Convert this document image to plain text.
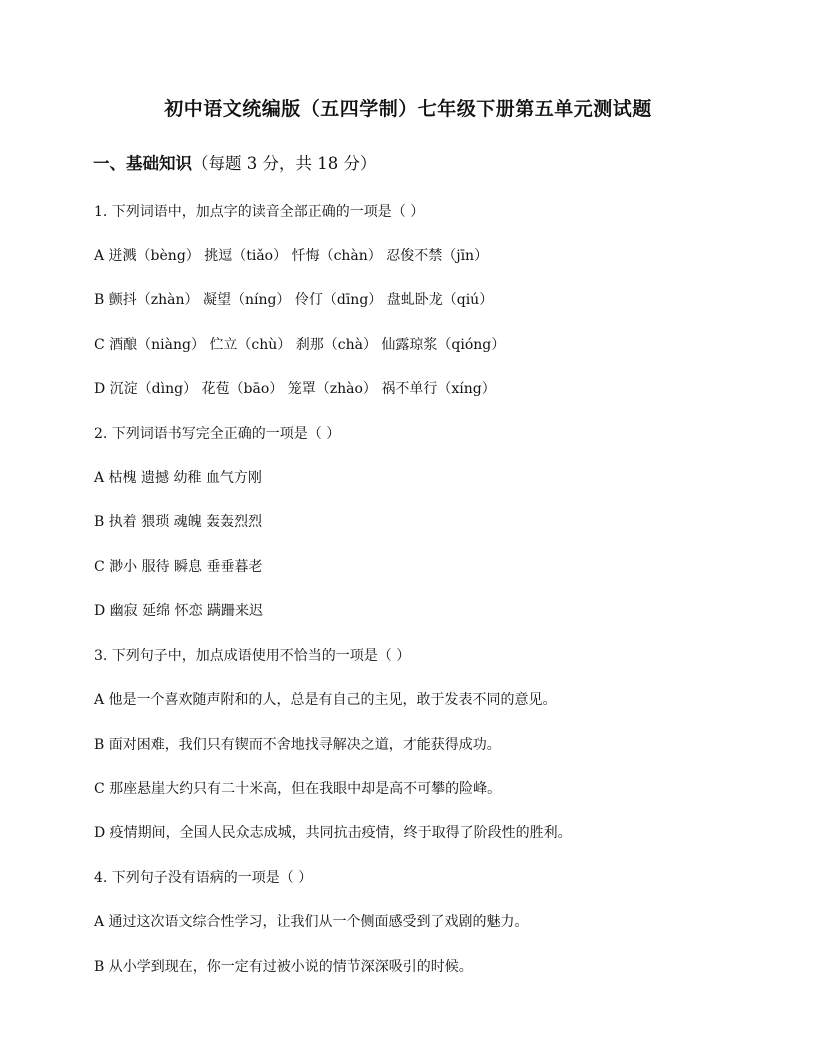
初中语文统编版（五四学制）七年级下册第五单元测试题
一、基础知识（每题 3 分，共 18 分）
1. 下列词语中，加点字的读音全部正确的一项是（ ）
A 迸溅（bèng） 挑逗（tiǎo） 忏悔（chàn） 忍俊不禁（jīn）
B 颤抖（zhàn） 凝望（níng） 伶仃（dīng） 盘虬卧龙（qiú）
C 酒酿（niàng） 伫立（chù） 刹那（chà） 仙露琼浆（qióng）
D 沉淀（dìng） 花苞（bāo） 笼罩（zhào） 祸不单行（xíng）
2. 下列词语书写完全正确的一项是（ ）
A 枯槐 遗撼 幼稚 血气方刚
B 执着 猥琐 魂魄 轰轰烈烈
C 渺小 服待 瞬息 垂垂暮老
D 幽寂 延绵 怀恋 蹒跚来迟
3. 下列句子中，加点成语使用不恰当的一项是（ ）
A 他是一个喜欢随声附和的人，总是有自己的主见，敢于发表不同的意见。
B 面对困难，我们只有锲而不舍地找寻解决之道，才能获得成功。
C 那座悬崖大约只有二十米高，但在我眼中却是高不可攀的险峰。
D 疫情期间，全国人民众志成城，共同抗击疫情，终于取得了阶段性的胜利。
4. 下列句子没有语病的一项是（ ）
A 通过这次语文综合性学习，让我们从一个侧面感受到了戏剧的魅力。
B 从小学到现在，你一定有过被小说的情节深深吸引的时候。
